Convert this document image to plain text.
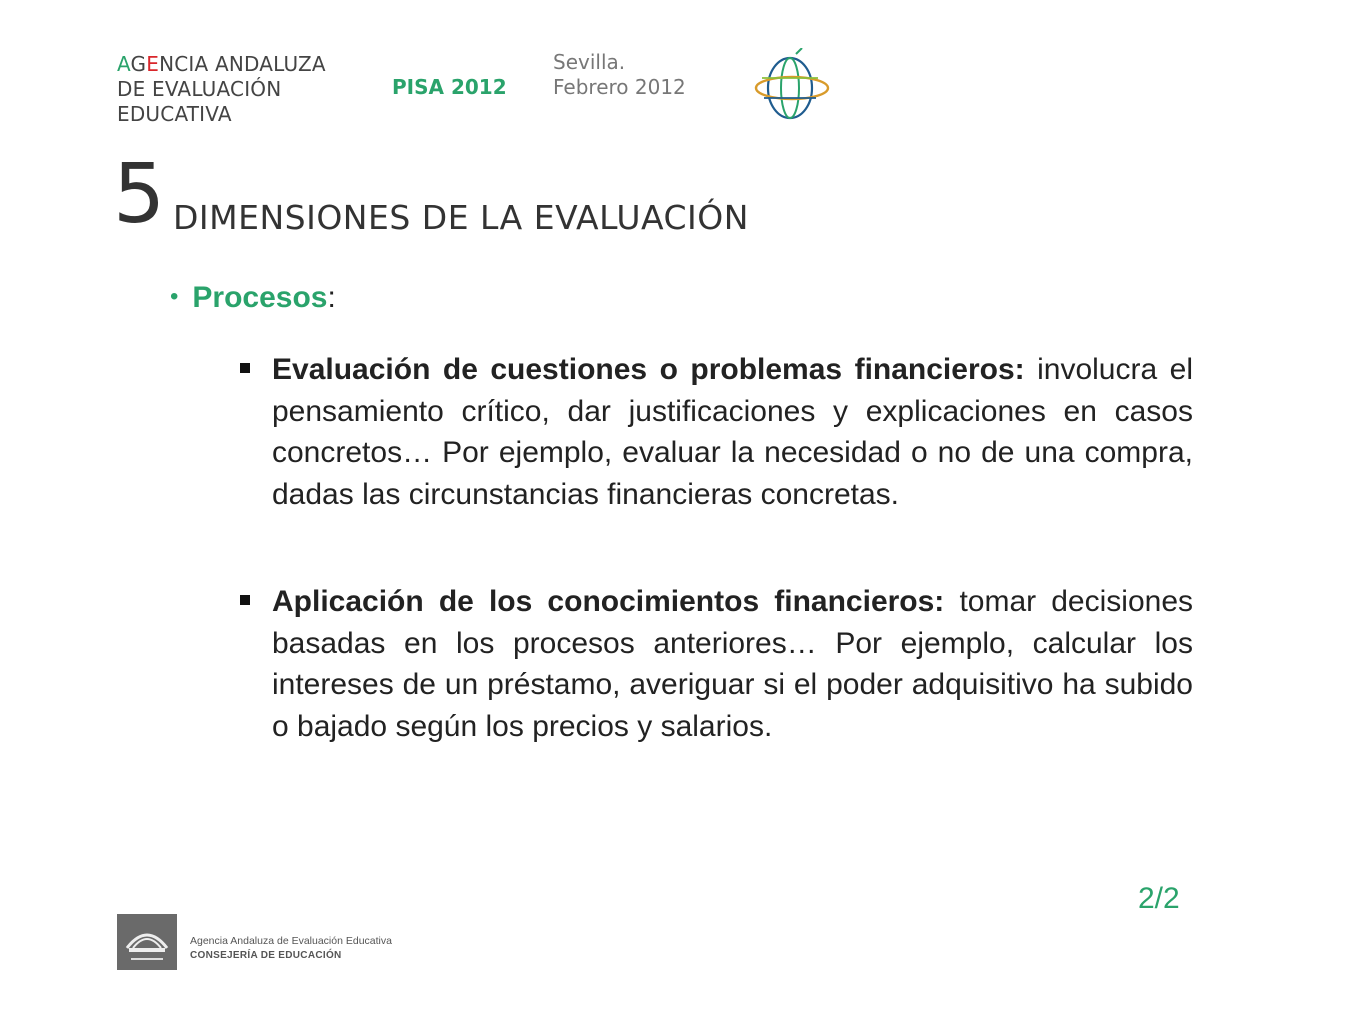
AGENCIA ANDALUZA
DE EVALUACIÓN
EDUCATIVA
PISA 2012
Sevilla.
Febrero 2012
5 DIMENSIONES DE LA EVALUACIÓN
• Procesos:
Evaluación de cuestiones o problemas financieros: involucra el pensamiento crítico, dar justificaciones y explicaciones en casos concretos… Por ejemplo, evaluar la necesidad o no de una compra, dadas las circunstancias financieras concretas.
Aplicación de los conocimientos financieros: tomar decisiones basadas en los procesos anteriores… Por ejemplo, calcular los intereses de un préstamo, averiguar si el poder adquisitivo ha subido o bajado según los precios y salarios.
2/2
Agencia Andaluza de Evaluación Educativa
CONSEJERÍA DE EDUCACIÓN
